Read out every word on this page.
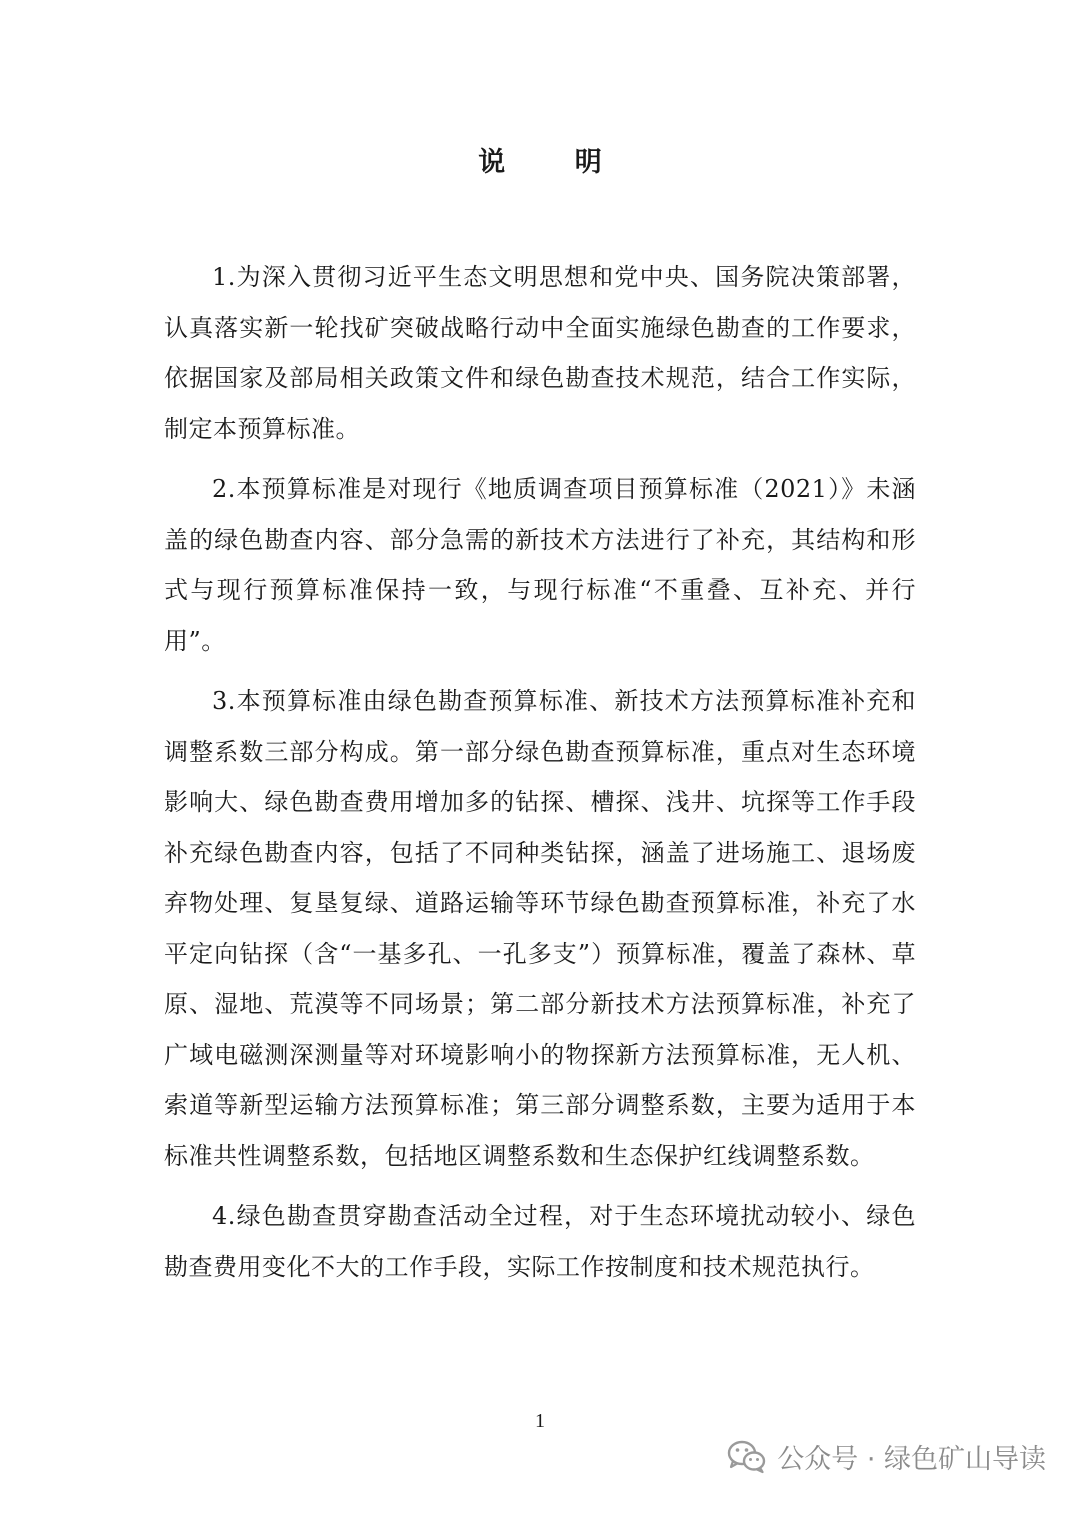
说 明

1.为深入贯彻习近平生态文明思想和党中央、国务院决策部署，认真落实新一轮找矿突破战略行动中全面实施绿色勘查的工作要求，依据国家及部局相关政策文件和绿色勘查技术规范，结合工作实际，制定本预算标准。

2.本预算标准是对现行《地质调查项目预算标准（2021）》未涵盖的绿色勘查内容、部分急需的新技术方法进行了补充，其结构和形式与现行预算标准保持一致，与现行标准“不重叠、互补充、并行用”。

3.本预算标准由绿色勘查预算标准、新技术方法预算标准补充和调整系数三部分构成。第一部分绿色勘查预算标准，重点对生态环境影响大、绿色勘查费用增加多的钻探、槽探、浅井、坑探等工作手段补充绿色勘查内容，包括了不同种类钻探，涵盖了进场施工、退场废弃物处理、复垦复绿、道路运输等环节绿色勘查预算标准，补充了水平定向钻探（含“一基多孔、一孔多支”）预算标准，覆盖了森林、草原、湿地、荒漠等不同场景；第二部分新技术方法预算标准，补充了广域电磁测深测量等对环境影响小的物探新方法预算标准，无人机、索道等新型运输方法预算标准；第三部分调整系数，主要为适用于本标准共性调整系数，包括地区调整系数和生态保护红线调整系数。

4.绿色勘查贯穿勘查活动全过程，对于生态环境扰动较小、绿色勘查费用变化不大的工作手段，实际工作按制度和技术规范执行。

1
公众号 · 绿色矿山导读
